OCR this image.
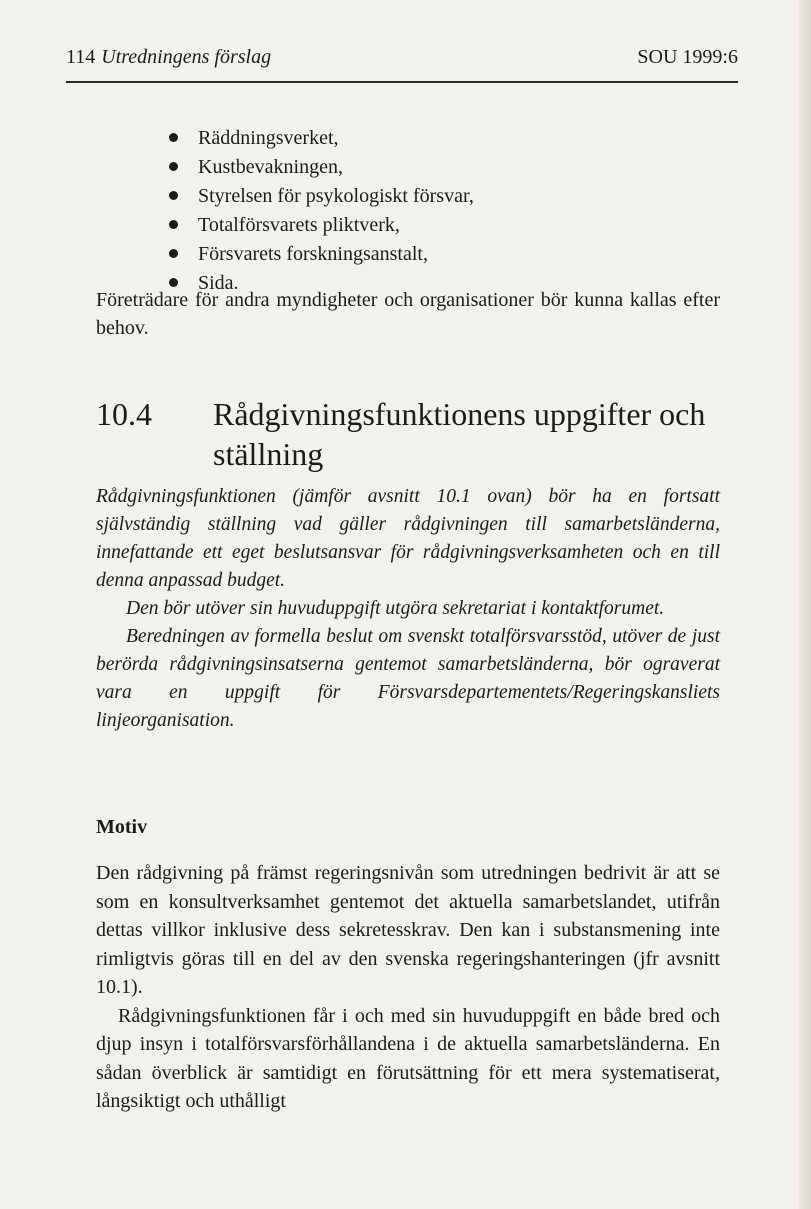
114 Utredningens förslag	SOU 1999:6
Räddningsverket,
Kustbevakningen,
Styrelsen för psykologiskt försvar,
Totalförsvarets pliktverk,
Försvarets forskningsanstalt,
Sida.

Företrädare för andra myndigheter och organisationer bör kunna kallas efter behov.

10.4 Rådgivningsfunktionens uppgifter och ställning

Rådgivningsfunktionen (jämför avsnitt 10.1 ovan) bör ha en fortsatt självständig ställning vad gäller rådgivningen till samarbetsländerna, innefattande ett eget beslutsansvar för rådgivningsverksamheten och en till denna anpassad budget.

Den bör utöver sin huvuduppgift utgöra sekretariat i kontaktforumet.

Beredningen av formella beslut om svenskt totalförsvarsstöd, utöver de just berörda rådgivningsinsatserna gentemot samarbetsländerna, bör ograverat vara en uppgift för Försvarsdepartementets/Regeringskansliets linjeorganisation.

Motiv

Den rådgivning på främst regeringsnivån som utredningen bedrivit är att se som en konsultverksamhet gentemot det aktuella samarbetslandet, utifrån dettas villkor inklusive dess sekretesskrav. Den kan i substansmening inte rimligtvis göras till en del av den svenska regeringshanteringen (jfr avsnitt 10.1).

Rådgivningsfunktionen får i och med sin huvuduppgift en både bred och djup insyn i totalförsvarsförhållandena i de aktuella samarbetsländerna. En sådan överblick är samtidigt en förutsättning för ett mera systematiserat, långsiktigt och uthålligt
